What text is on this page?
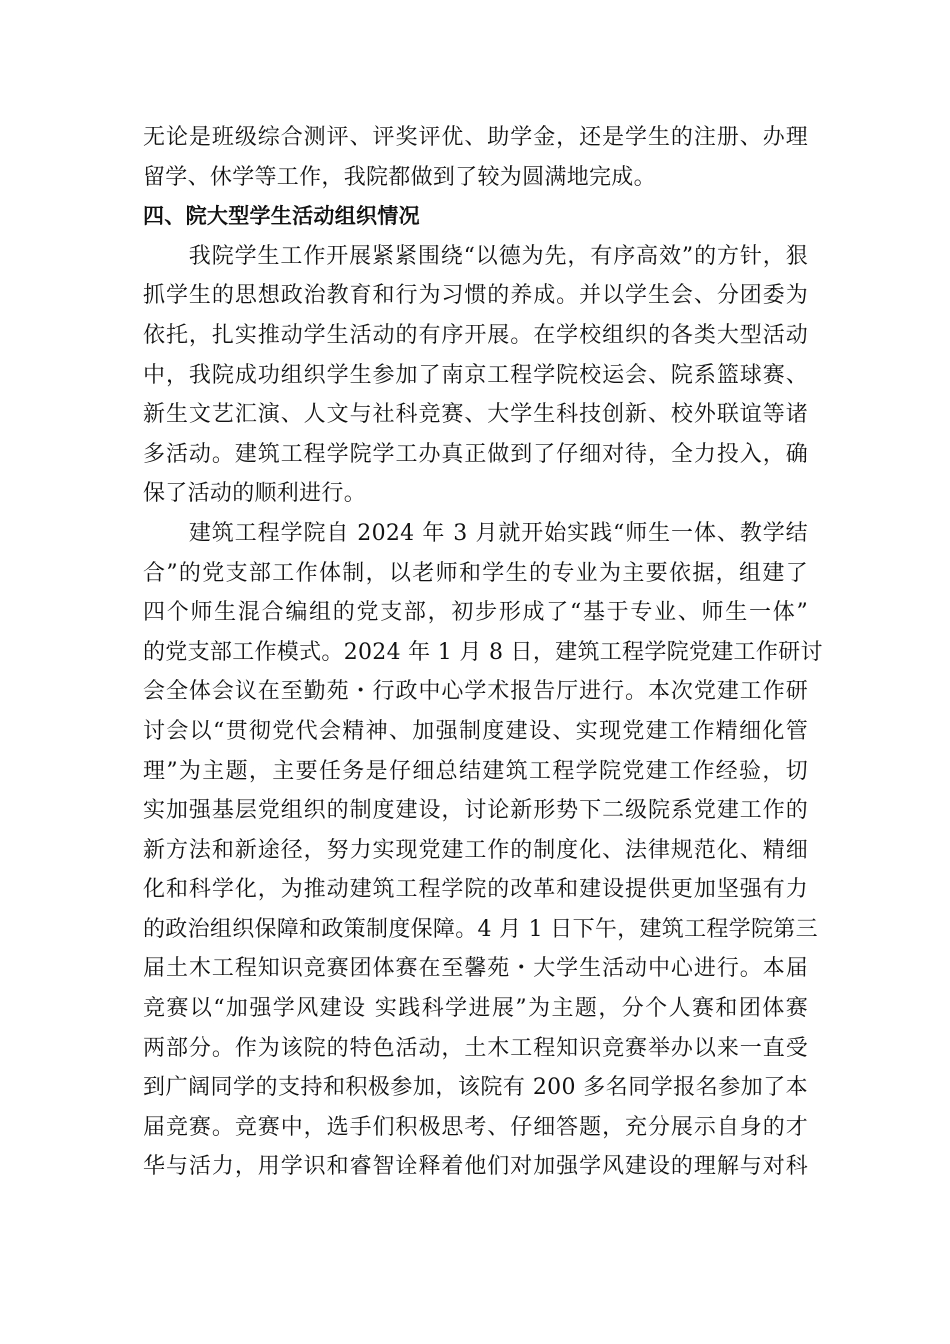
无论是班级综合测评、评奖评优、助学金，还是学生的注册、办理
留学、休学等工作，我院都做到了较为圆满地完成。
四、院大型学生活动组织情况
　　我院学生工作开展紧紧围绕“以德为先，有序高效”的方针，狠
抓学生的思想政治教育和行为习惯的养成。并以学生会、分团委为
依托，扎实推动学生活动的有序开展。在学校组织的各类大型活动
中，我院成功组织学生参加了南京工程学院校运会、院系篮球赛、
新生文艺汇演、人文与社科竞赛、大学生科技创新、校外联谊等诸
多活动。建筑工程学院学工办真正做到了仔细对待，全力投入，确
保了活动的顺利进行。
　　建筑工程学院自 2024 年 3 月就开始实践“师生一体、教学结
合”的党支部工作体制，以老师和学生的专业为主要依据，组建了
四个师生混合编组的党支部，初步形成了“基于专业、师生一体”
的党支部工作模式。2024 年 1 月 8 日，建筑工程学院党建工作研讨
会全体会议在至勤苑・行政中心学术报告厅进行。本次党建工作研
讨会以“贯彻党代会精神、加强制度建设、实现党建工作精细化管
理”为主题，主要任务是仔细总结建筑工程学院党建工作经验，切
实加强基层党组织的制度建设，讨论新形势下二级院系党建工作的
新方法和新途径，努力实现党建工作的制度化、法律规范化、精细
化和科学化，为推动建筑工程学院的改革和建设提供更加坚强有力
的政治组织保障和政策制度保障。4 月 1 日下午，建筑工程学院第三
届土木工程知识竞赛团体赛在至馨苑・大学生活动中心进行。本届
竞赛以“加强学风建设 实践科学进展”为主题，分个人赛和团体赛
两部分。作为该院的特色活动，土木工程知识竞赛举办以来一直受
到广阔同学的支持和积极参加，该院有 200 多名同学报名参加了本
届竞赛。竞赛中，选手们积极思考、仔细答题，充分展示自身的才
华与活力，用学识和睿智诠释着他们对加强学风建设的理解与对科
